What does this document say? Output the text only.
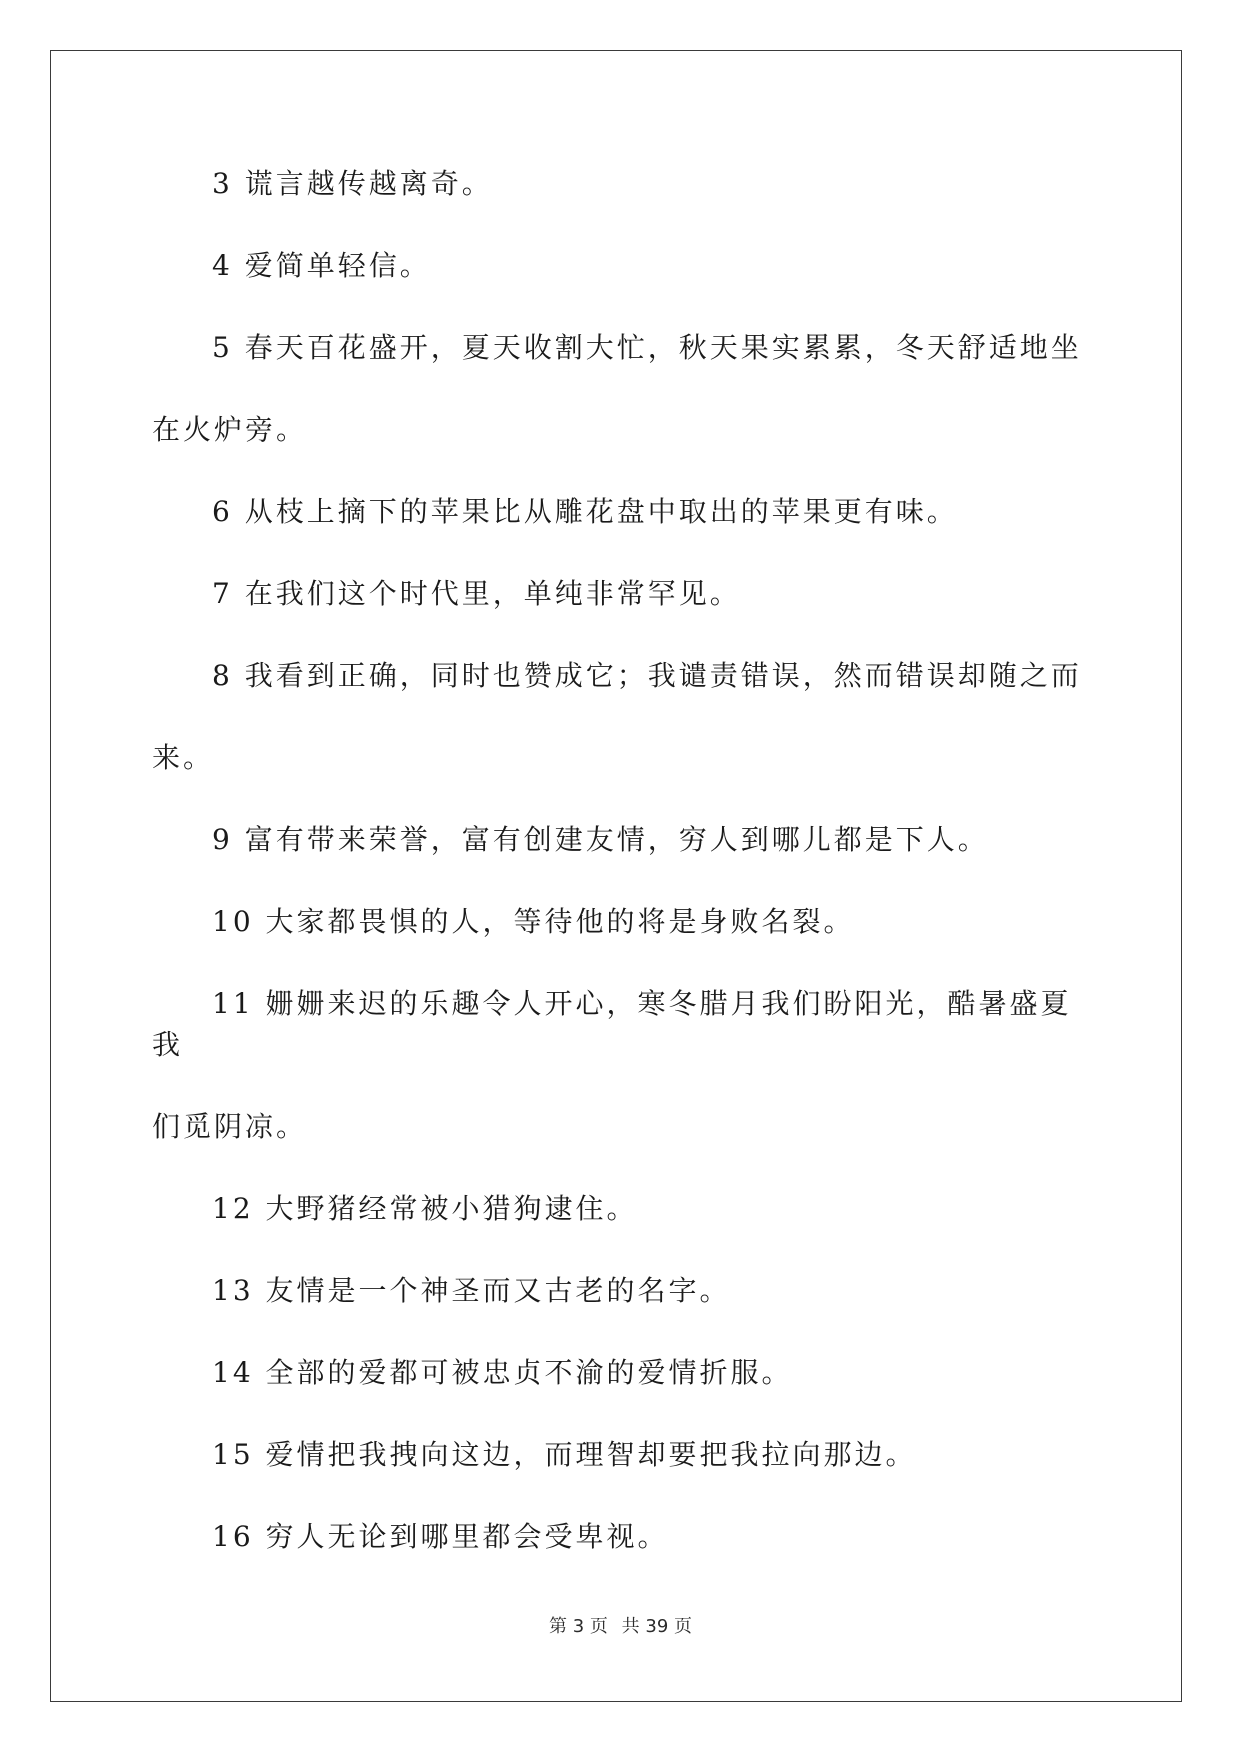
3 谎言越传越离奇。

4 爱简单轻信。

5 春天百花盛开，夏天收割大忙，秋天果实累累，冬天舒适地坐
在火炉旁。

6 从枝上摘下的苹果比从雕花盘中取出的苹果更有味。

7 在我们这个时代里，单纯非常罕见。

8 我看到正确，同时也赞成它；我谴责错误，然而错误却随之而
来。

9 富有带来荣誉，富有创建友情，穷人到哪儿都是下人。

10 大家都畏惧的人，等待他的将是身败名裂。

11 姗姗来迟的乐趣令人开心，寒冬腊月我们盼阳光，酷暑盛夏我
们觅阴凉。

12 大野猪经常被小猎狗逮住。

13 友情是一个神圣而又古老的名字。

14 全部的爱都可被忠贞不渝的爱情折服。

15 爱情把我拽向这边，而理智却要把我拉向那边。

16 穷人无论到哪里都会受卑视。

第 3 页 共 39 页
